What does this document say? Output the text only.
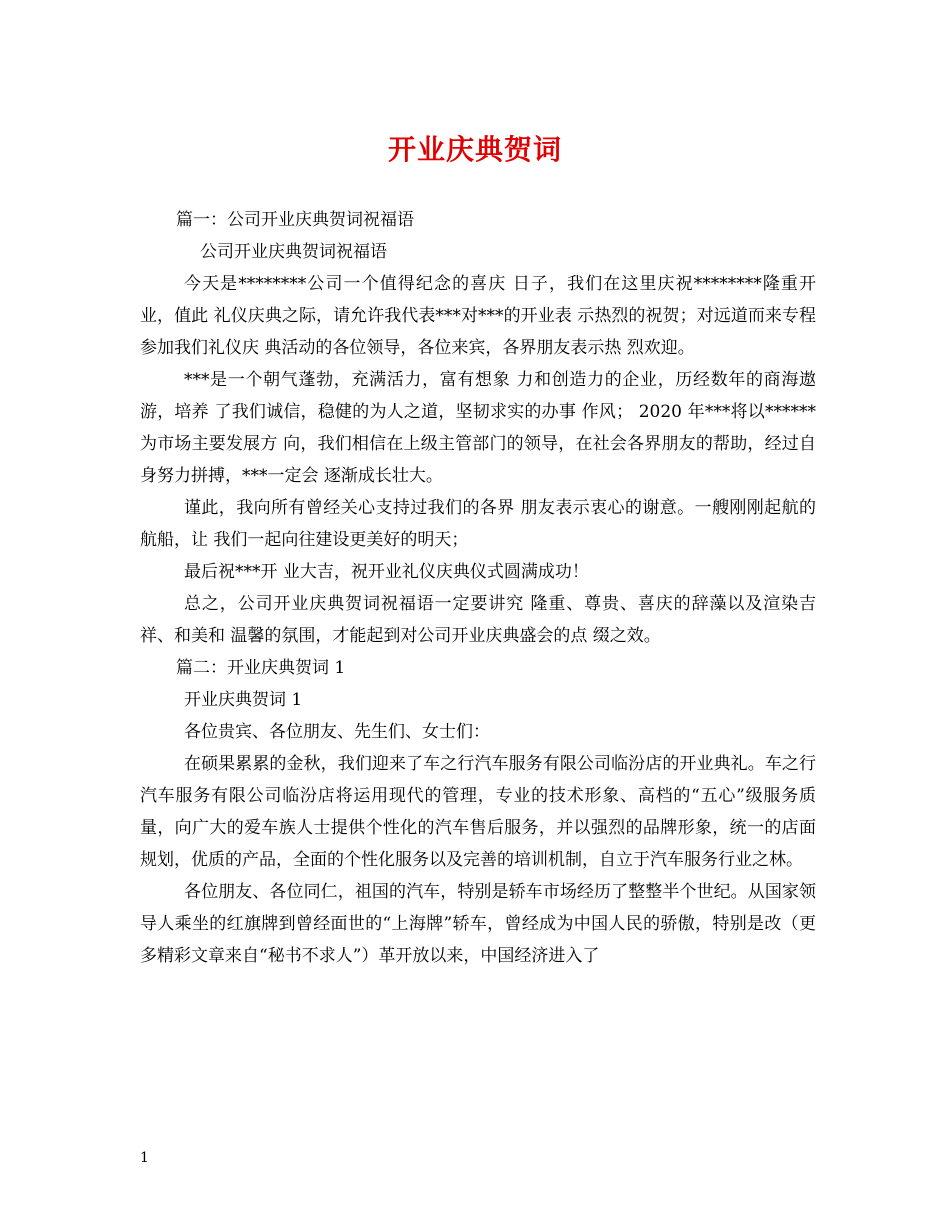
开业庆典贺词

篇一：公司开业庆典贺词祝福语

公司开业庆典贺词祝福语

今天是********公司一个值得纪念的喜庆 日子，我们在这里庆祝********隆重开业，值此 礼仪庆典之际，请允许我代表***对***的开业表 示热烈的祝贺；对远道而来专程参加我们礼仪庆 典活动的各位领导，各位来宾，各界朋友表示热 烈欢迎。

***是一个朝气蓬勃，充满活力，富有想象 力和创造力的企业，历经数年的商海遨游，培养 了我们诚信，稳健的为人之道，坚韧求实的办事 作风； 2020 年***将以******为市场主要发展方 向，我们相信在上级主管部门的领导，在社会各界朋友的帮助，经过自身努力拼搏，***一定会 逐渐成长壮大。

谨此，我向所有曾经关心支持过我们的各界 朋友表示衷心的谢意。一艘刚刚起航的航船，让 我们一起向往建设更美好的明天；

最后祝***开 业大吉，祝开业礼仪庆典仪式圆满成功！

总之，公司开业庆典贺词祝福语一定要讲究 隆重、尊贵、喜庆的辞藻以及渲染吉祥、和美和 温馨的氛围，才能起到对公司开业庆典盛会的点 缀之效。

篇二：开业庆典贺词 1

开业庆典贺词 1

各位贵宾、各位朋友、先生们、女士们：

在硕果累累的金秋，我们迎来了车之行汽车服务有限公司临汾店的开业典礼。车之行汽车服务有限公司临汾店将运用现代的管理，专业的技术形象、高档的“五心”级服务质量，向广大的爱车族人士提供个性化的汽车售后服务，并以强烈的品牌形象，统一的店面规划，优质的产品，全面的个性化服务以及完善的培训机制，自立于汽车服务行业之林。

各位朋友、各位同仁，祖国的汽车，特别是轿车市场经历了整整半个世纪。从国家领导人乘坐的红旗牌到曾经面世的“上海牌”轿车，曾经成为中国人民的骄傲，特别是改（更多精彩文章来自“秘书不求人”）革开放以来，中国经济进入了

1
